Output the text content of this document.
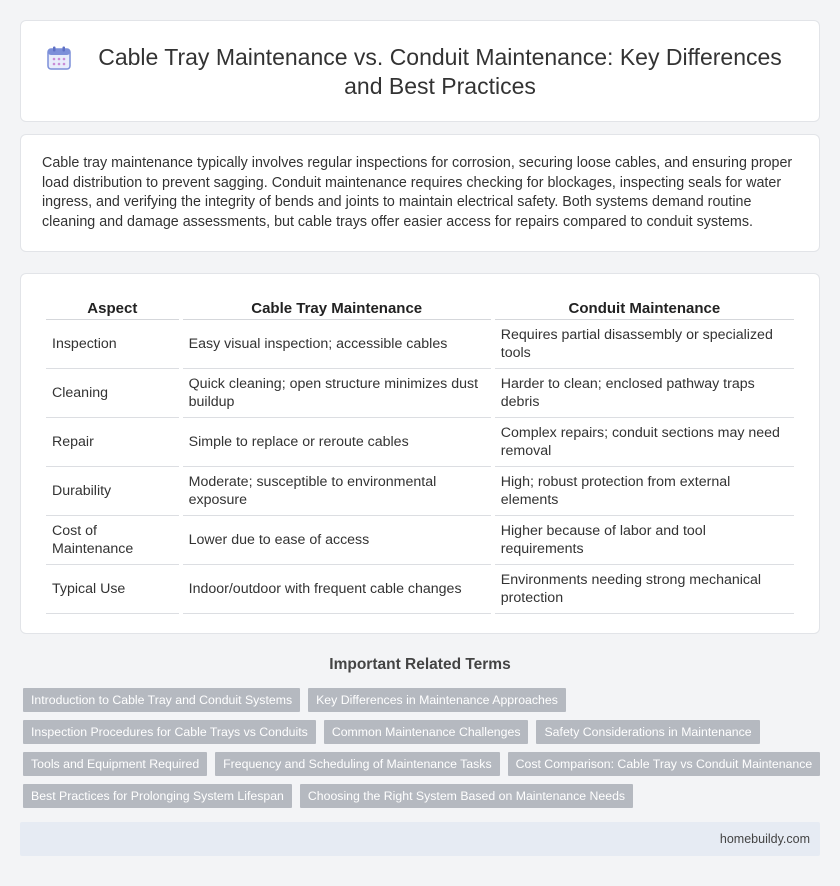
Cable Tray Maintenance vs. Conduit Maintenance: Key Differences and Best Practices

Cable tray maintenance typically involves regular inspections for corrosion, securing loose cables, and ensuring proper load distribution to prevent sagging. Conduit maintenance requires checking for blockages, inspecting seals for water ingress, and verifying the integrity of bends and joints to maintain electrical safety. Both systems demand routine cleaning and damage assessments, but cable trays offer easier access for repairs compared to conduit systems.

Aspect	Cable Tray Maintenance	Conduit Maintenance
Inspection	Easy visual inspection; accessible cables	Requires partial disassembly or specialized tools
Cleaning	Quick cleaning; open structure minimizes dust buildup	Harder to clean; enclosed pathway traps debris
Repair	Simple to replace or reroute cables	Complex repairs; conduit sections may need removal
Durability	Moderate; susceptible to environmental exposure	High; robust protection from external elements
Cost of Maintenance	Lower due to ease of access	Higher because of labor and tool requirements
Typical Use	Indoor/outdoor with frequent cable changes	Environments needing strong mechanical protection
Important Related Terms
Introduction to Cable Tray and Conduit Systems	Key Differences in Maintenance Approaches
Inspection Procedures for Cable Trays vs Conduits	Common Maintenance Challenges	Safety Considerations in Maintenance
Tools and Equipment Required	Frequency and Scheduling of Maintenance Tasks	Cost Comparison: Cable Tray vs Conduit Maintenance
Best Practices for Prolonging System Lifespan	Choosing the Right System Based on Maintenance Needs
homebuildy.com
